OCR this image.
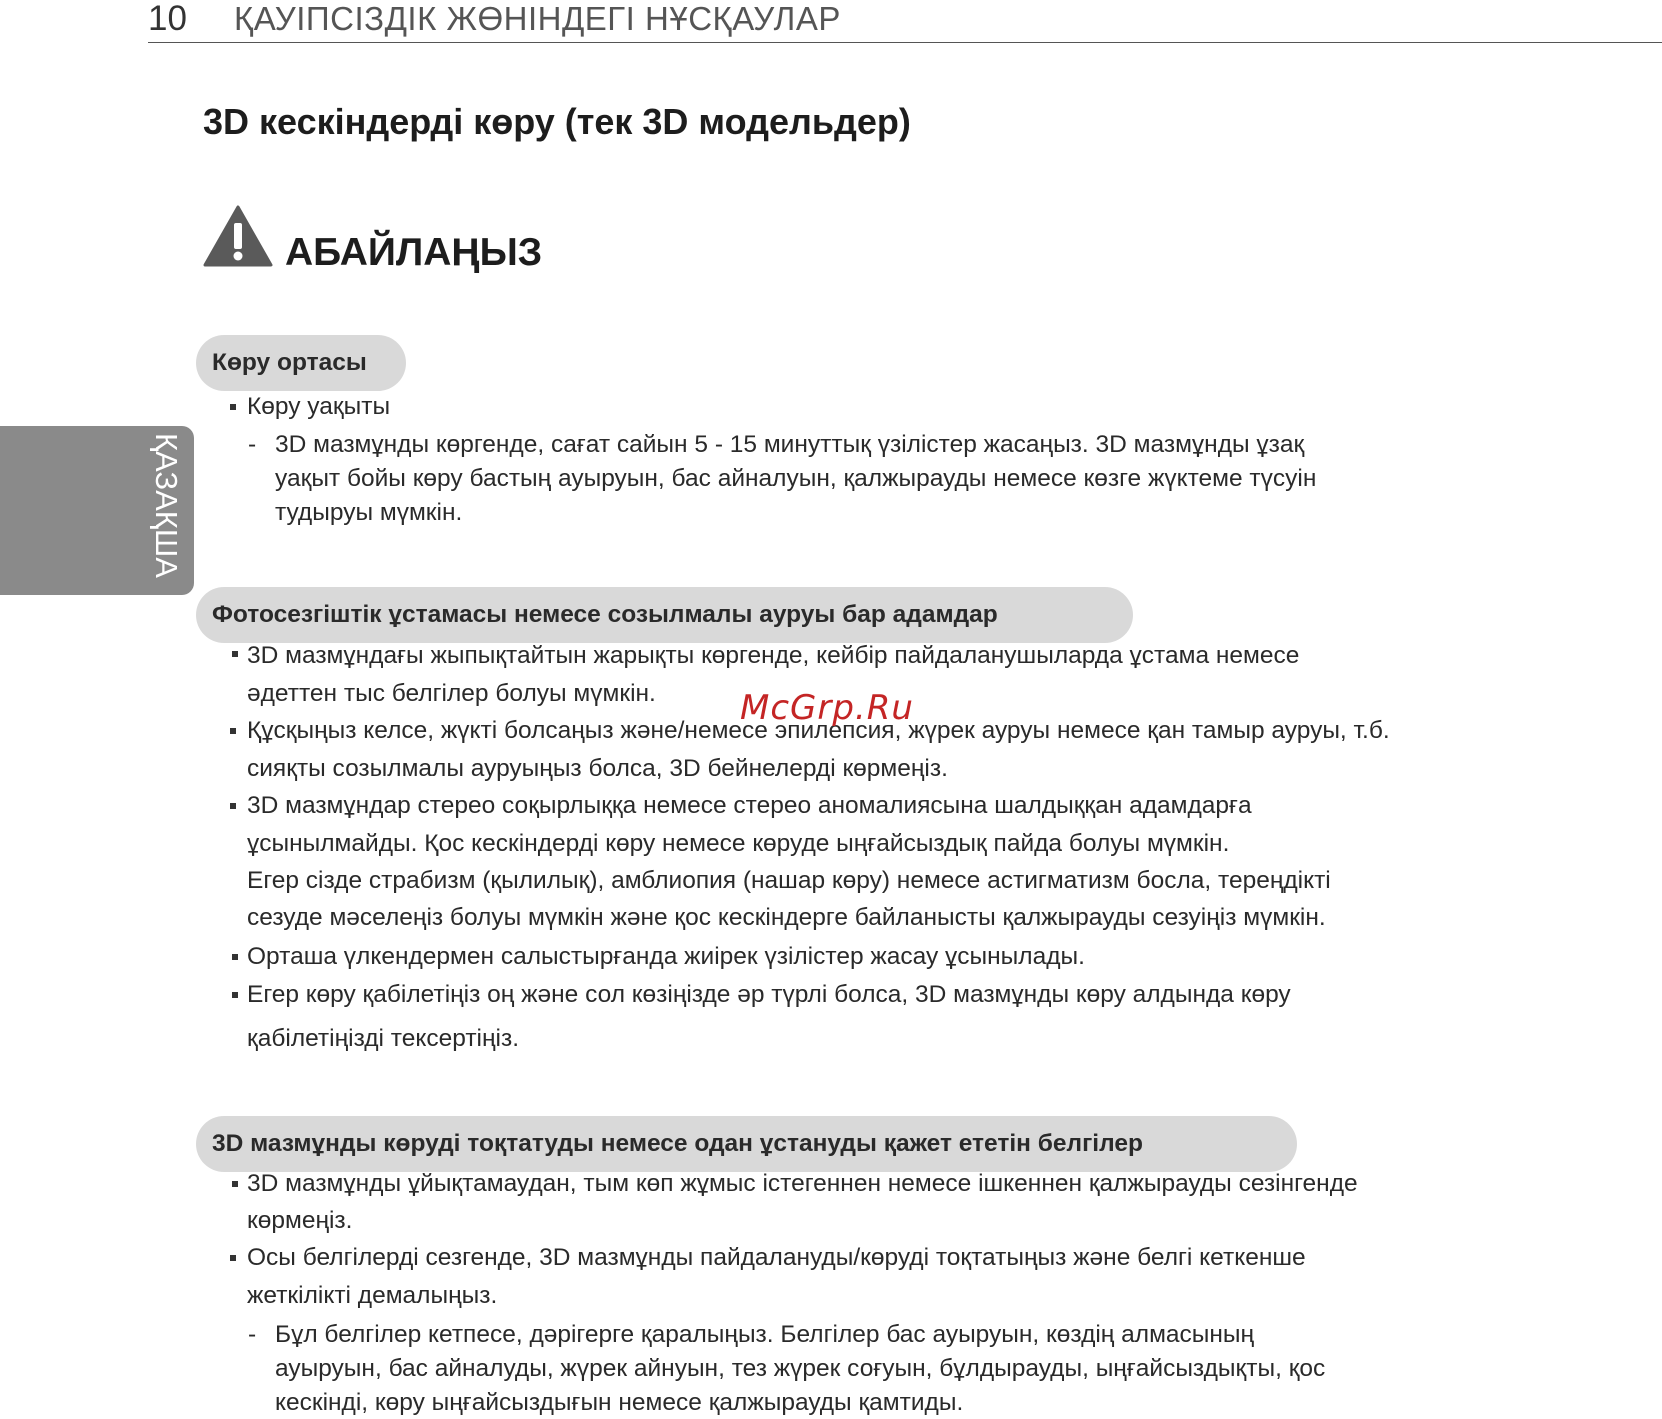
10 ҚАУІПСІЗДІК ЖӨНІНДЕГІ НҰСҚАУЛАР
ҚАЗАҚША
3D кескіндерді көру (тек 3D модельдер)
АБАЙЛАҢЫЗ
Көру ортасы
Көру уақыты
- 3D мазмұнды көргенде, сағат сайын 5 - 15 минуттық үзілістер жасаңыз. 3D мазмұнды ұзақ
уақыт бойы көру бастың ауыруын, бас айналуын, қалжырауды немесе көзге жүктеме түсуін
тудыруы мүмкін.
Фотосезгіштік ұстамасы немесе созылмалы ауруы бар адамдар
3D мазмұндағы жыпықтайтын жарықты көргенде, кейбір пайдаланушыларда ұстама немесе
әдеттен тыс белгілер болуы мүмкін.
Құсқыңыз келсе, жүкті болсаңыз және/немесе эпилепсия, жүрек ауруы немесе қан тамыр ауруы, т.б.
сияқты созылмалы ауруыңыз болса, 3D бейнелерді көрмеңіз.
3D мазмұндар стерео соқырлыққа немесе стерео аномалиясына шалдыққан адамдарға
ұсынылмайды. Қос кескіндерді көру немесе көруде ыңғайсыздық пайда болуы мүмкін.
Егер сізде страбизм (қылилық), амблиопия (нашар көру) немесе астигматизм босла, тереңдікті
сезуде мәселеңіз болуы мүмкін және қос кескіндерге байланысты қалжырауды сезуіңіз мүмкін.
Орташа үлкендермен салыстырғанда жиірек үзілістер жасау ұсынылады.
Егер көру қабілетіңіз оң және сол көзіңізде әр түрлі болса, 3D мазмұнды көру алдында көру
қабілетіңізді тексертіңіз.
3D мазмұнды көруді тоқтатуды немесе одан ұстануды қажет ететін белгілер
3D мазмұнды ұйықтамаудан, тым көп жұмыс істегеннен немесе ішкеннен қалжырауды сезінгенде
көрмеңіз.
Осы белгілерді сезгенде, 3D мазмұнды пайдалануды/көруді тоқтатыңыз және белгі кеткенше
жеткілікті демалыңыз.
- Бұл белгілер кетпесе, дәрігерге қаралыңыз. Белгілер бас ауыруын, көздің алмасының
ауыруын, бас айналуды, жүрек айнуын, тез жүрек соғуын, бұлдырауды, ыңғайсыздықты, қос
кескінді, көру ыңғайсыздығын немесе қалжырауды қамтиды.
McGrp.Ru
